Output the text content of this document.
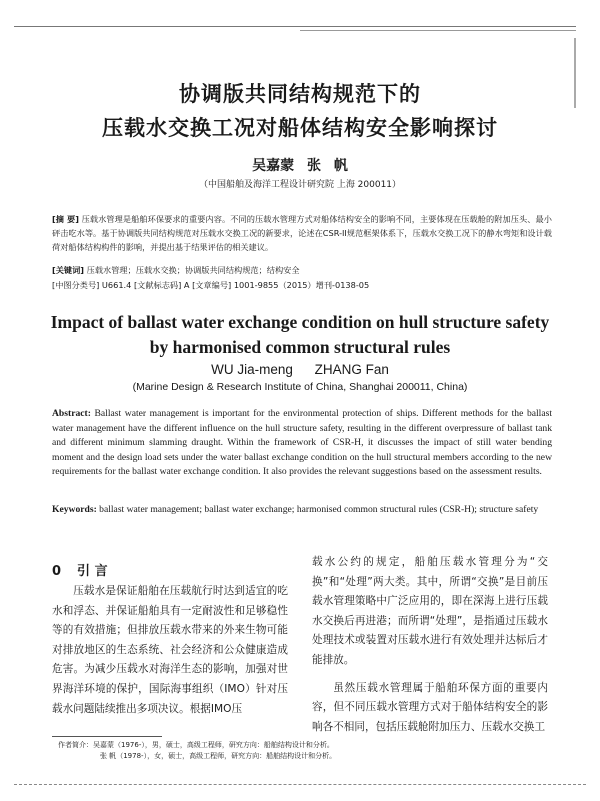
协调版共同结构规范下的
压载水交换工况对船体结构安全影响探讨
吴嘉蒙 张 帆
（中国船舶及海洋工程设计研究院 上海 200011）
[摘 要] 压载水管理是船舶环保要求的重要内容。不同的压载水管理方式对船体结构安全的影响不同，主要体现在压载舱的附加压头、最小砰击吃水等。基于协调版共同结构规范对压载水交换工况的新要求，论述在CSR-II规范框架体系下，压载水交换工况下的静水弯矩和设计载荷对船体结构构件的影响，并提出基于结果评估的相关建议。
[关键词] 压载水管理；压载水交换；协调版共同结构规范；结构安全
[中图分类号] U661.4 [文献标志码] A [文章编号] 1001-9855（2015）增刊-0138-05
Impact of ballast water exchange condition on hull structure safety
by harmonised common structural rules
WU Jia-meng ZHANG Fan
(Marine Design & Research Institute of China, Shanghai 200011, China)
Abstract: Ballast water management is important for the environmental protection of ships. Different methods for the ballast water management have the different influence on the hull structure safety, resulting in the different overpressure of ballast tank and different minimum slamming draught. Within the framework of CSR-H, it discusses the impact of still water bending moment and the design load sets under the water ballast exchange condition on the hull structural members according to the new requirements for the ballast water exchange condition. It also provides the relevant suggestions based on the assessment results.
Keywords: ballast water management; ballast water exchange; harmonised common structural rules (CSR-H); structure safety
0 引 言
压载水是保证船舶在压载航行时达到适宜的吃水和浮态、并保证船舶具有一定耐波性和足够稳性等的有效措施；但排放压载水带来的外来生物可能对排放地区的生态系统、社会经济和公众健康造成危害。为减少压载水对海洋生态的影响，加强对世界海洋环境的保护，国际海事组织（IMO）针对压载水问题陆续推出多项决议。根据IMO压
载水公约的规定，船舶压载水管理分为“交换”和“处理”两大类。其中，所谓“交换”是目前压载水管理策略中广泛应用的，即在深海上进行压载水交换后再进港；而所谓“处理”，是指通过压载水处理技术或装置对压载水进行有效处理并达标后才能排放。
虽然压载水管理属于船舶环保方面的重要内容，但不同压载水管理方式对于船体结构安全的影响各不相同，包括压载舱附加压力、压载水交换工
作者简介：吴嘉蒙（1976-），男，硕士，高级工程师，研究方向：船舶结构设计和分析。
张 帆（1978-），女，硕士，高级工程师，研究方向：船舶结构设计和分析。
